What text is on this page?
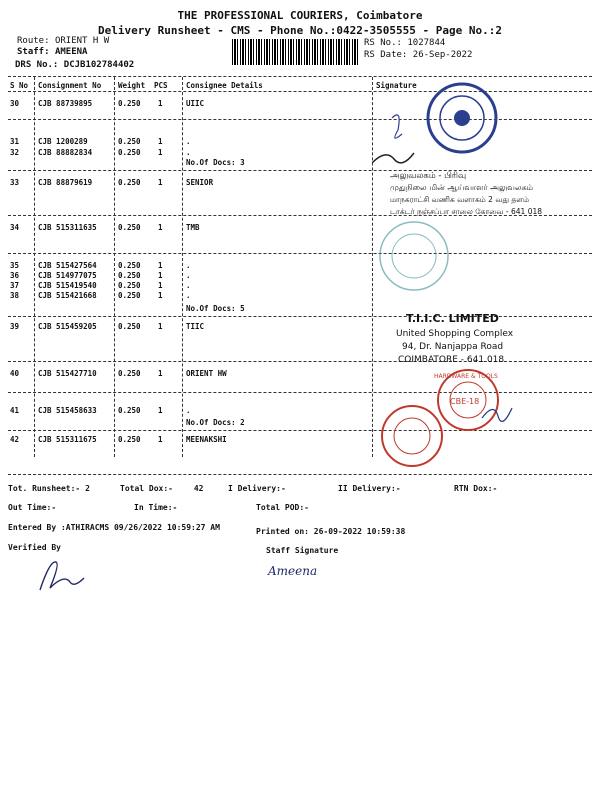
THE PROFESSIONAL COURIERS, Coimbatore
Delivery Runsheet - CMS - Phone No.:0422-3505555 - Page No.:2
Route: ORIENT H W
Staff: AMEENA
DRS No.: DCJB102784402
RS No.: 1027844
RS Date: 26-Sep-2022
S No Consignment No Weight PCS Consignee Details	Signature
30	CJB 88739895	0.250 1	UIIC
31	CJB 1200289	0.250 1	.
32	CJB 88882834	0.250 1	.
No.Of Docs: 3
33	CJB 88879619	0.250 1	SENIOR
34	CJB 515311635	0.250 1	TMB
35	CJB 515427564	0.250 1	.
36	CJB 514977075	0.250 1	.
37	CJB 515419540	0.250 1	.
38	CJB 515421668	0.250 1	.
No.Of Docs: 5
39	CJB 515459205	0.250 1	TIIC
40	CJB 515427710	0.250 1	ORIENT HW
41	CJB 515458633	0.250 1	.
No.Of Docs: 2
42	CJB 515311675	0.250 1	MEENAKSHI
அலுவலகம் - பிரிவு
முதுநிலை மின் ஆய்வாளர் அலுவலகம்
மாநகராட்சி வணிக வளாகம் 2 வது தளம்
டாக்டர் நஞ்சப்பா சாலை கோவை - 641 018
T.I.I.C. LIMITED
United Shopping Complex
94, Dr. Nanjappa Road
COIMBATORE - 641 018
CBE-18
HARDWARE & TOOLS
Tot. Runsheet:- 2	Total Dox:-	42	I Delivery:-	II Delivery:-	RTN Dox:-
Out Time:-	In Time:-	Total POD:-
Entered By :ATHIRACMS 09/26/2022 10:59:27 AM	Printed on: 26-09-2022 10:59:38
Verified By	Staff Signature
Ameena
